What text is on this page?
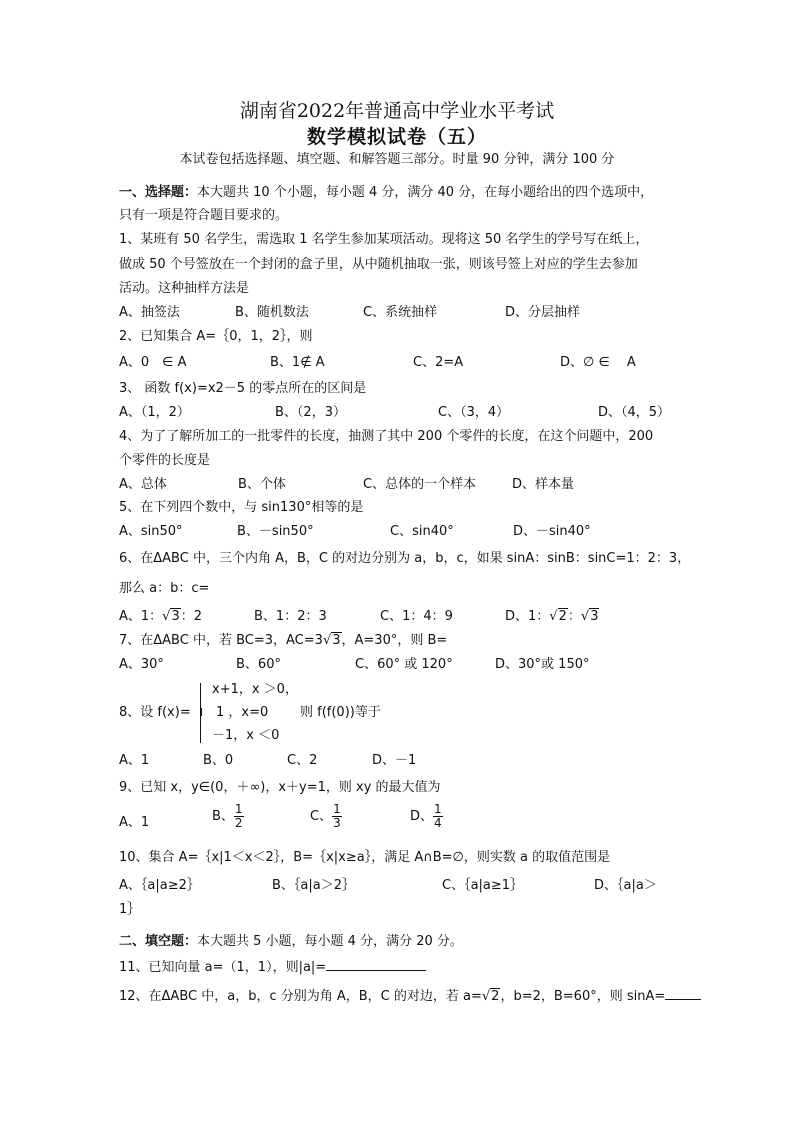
湖南省2022年普通高中学业水平考试
数学模拟试卷（五）
本试卷包括选择题、填空题、和解答题三部分。时量 90 分钟，满分 100 分
一、选择题：本大题共 10 个小题，每小题 4 分，满分 40 分，在每小题给出的四个选项中，
只有一项是符合题目要求的。
1、某班有 50 名学生，需选取 1 名学生参加某项活动。现将这 50 名学生的学号写在纸上，
做成 50 个号签放在一个封闭的盒子里，从中随机抽取一张，则该号签上对应的学生去参加
活动。这种抽样方法是
A、抽签法	B、随机数法	C、系统抽样	D、分层抽样
2、已知集合 A=｛0，1，2｝，则
A、0　∈ A	B、1∉ A	C、2=A	D、∅ ∈　 A
3、 函数 f(x)=x2－5 的零点所在的区间是
A、（1，2）	B、（2，3）	C、（3，4）	D、（4，5）
4、为了了解所加工的一批零件的长度，抽测了其中 200 个零件的长度，在这个问题中，200
个零件的长度是
A、总体	B、个体	C、总体的一个样本	D、样本量
5、在下列四个数中，与 sin130°相等的是
A、sin50°	B、－sin50°	C、sin40°	D、－sin40°
6、在ΔABC 中，三个内角 A，B，C 的对边分别为 a，b，c，如果 sinA：sinB：sinC=1：2：3，
那么 a：b：c=
A、1：√3：2	B、1：2：3	C、1：4：9	D、1：√2：√3
7、在ΔABC 中，若 BC=3，AC=3√3，A=30°，则 B=
A、30°	B、60°	C、60° 或 120°	D、30°或 150°
8、设 f(x)=
x+1，x ＞0，
1 ，x=0 则 f(f(0))等于
－1，x ＜0
A、1	B、0	C、2	D、－1
9、已知 x，y∈(0，＋∞)，x＋y=1，则 xy 的最大值为
A、1	B、 $\frac{1}{2}$	C、 $\frac{1}{3}$	D、 $\frac{1}{4}$
10、集合 A=｛x|1＜x＜2｝，B=｛x|x≥a｝，满足 A∩B=∅，则实数 a 的取值范围是
A、｛a|a≥2｝	B、｛a|a＞2｝	C、｛a|a≥1｝	D、｛a|a＞
1｝
二、填空题：本大题共 5 小题，每小题 4 分，满分 20 分。
11、已知向量 a=（1，1），则|a|=
12、在ΔABC 中，a，b，c 分别为角 A，B，C 的对边，若 a=√2，b=2，B=60°，则 sinA=
